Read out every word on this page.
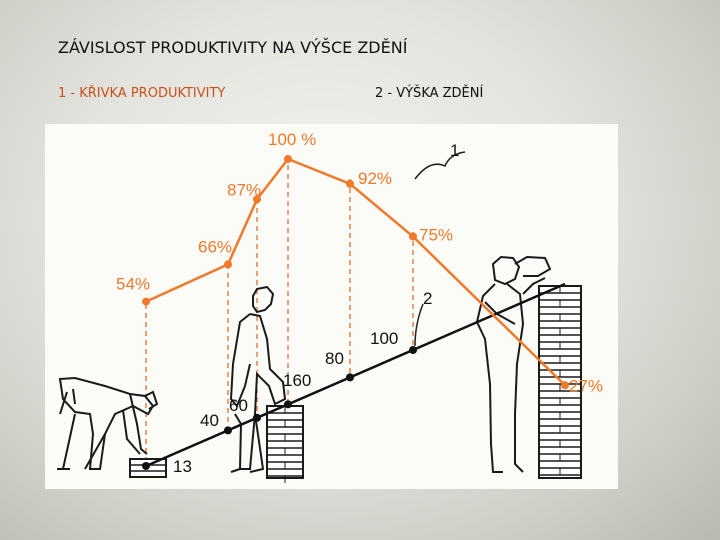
ZÁVISLOST PRODUKTIVITY NA VÝŠCE ZDĚNÍ
1 - KŘIVKA PRODUKTIVITY	2 - VÝŠKA ZDĚNÍ
54%
66%
87%
100 %
92%
75%
27%
13
40
60
160
80
100
1
2
